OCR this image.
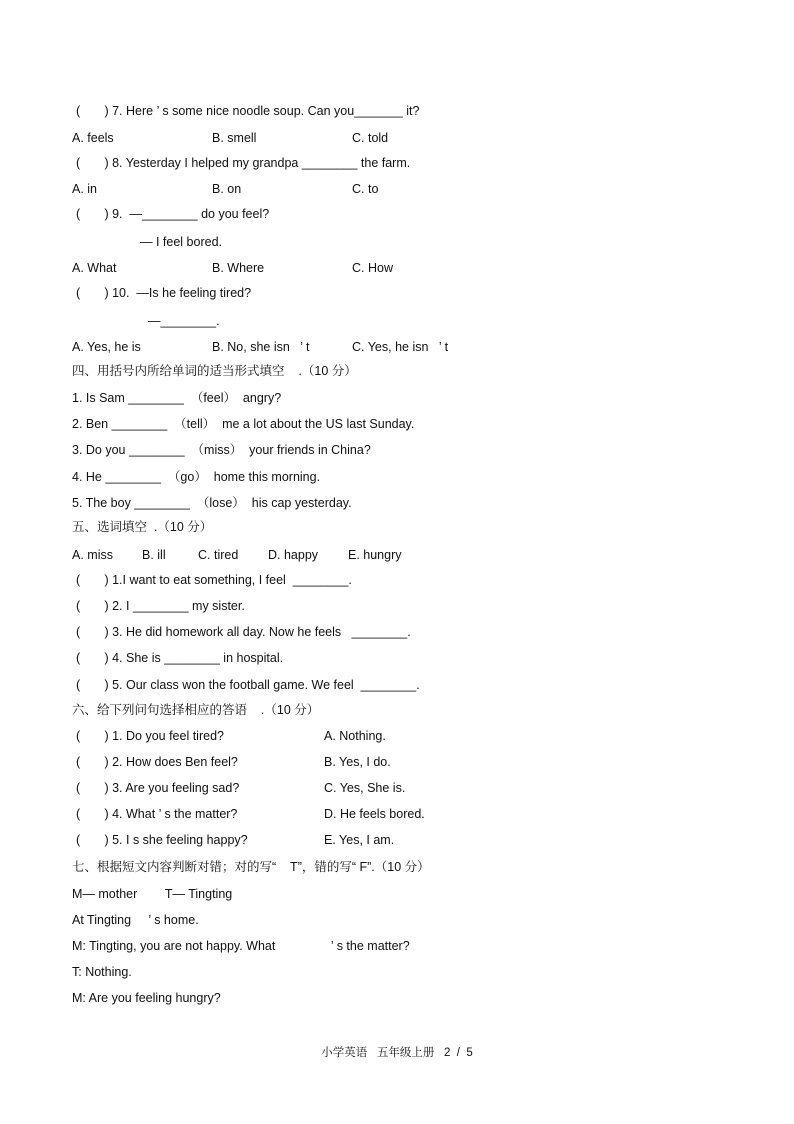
(       ) 7. Here ’ s some nice noodle soup. Can you_______ it?
A. feels	B. smell	C. told
(       ) 8. Yesterday I helped my grandpa ________ the farm.
A. in	B. on	C. to
(       ) 9.  —________ do you feel?
— I feel bored.
A. What	B. Where	C. How
(       ) 10.  —Is he feeling tired?
—________.
A. Yes, he is	B. No, she isn   ’ t	C. Yes, he isn   ’ t
四、用括号内所给单词的适当形式填空    .（10 分）
1. Is Sam ________  （feel）  angry?
2. Ben ________  （tell）  me a lot about the US last Sunday.
3. Do you ________  （miss）  your friends in China?
4. He ________  （go）  home this morning.
5. The boy ________  （lose）  his cap yesterday.
五、选词填空  .（10 分）
A. miss B. ill	C. tired D. happy E. hungry
(       ) 1.I want to eat something, I feel  ________.
(       ) 2. I ________ my sister.
(       ) 3. He did homework all day. Now he feels   ________.
(       ) 4. She is ________ in hospital.
(       ) 5. Our class won the football game. We feel  ________.
六、给下列问句选择相应的答语    .（10 分）
(       ) 1. Do you feel tired?	A. Nothing.
(       ) 2. How does Ben feel?	B. Yes, I do.
(       ) 3. Are you feeling sad?	C. Yes, She is.
(       ) 4. What ’ s the matter?	D. He feels bored.
(       ) 5. I s she feeling happy?	E. Yes, I am.
七、根据短文内容判断对错；对的写“    T”，错的写“ F”.（10 分）
M— mother        T— Tingting
At Tingting     ’ s home.
M: Tingting, you are not happy. What                ’ s the matter?
T: Nothing.
M: Are you feeling hungry?
小学英语   五年级上册   2  /  5
